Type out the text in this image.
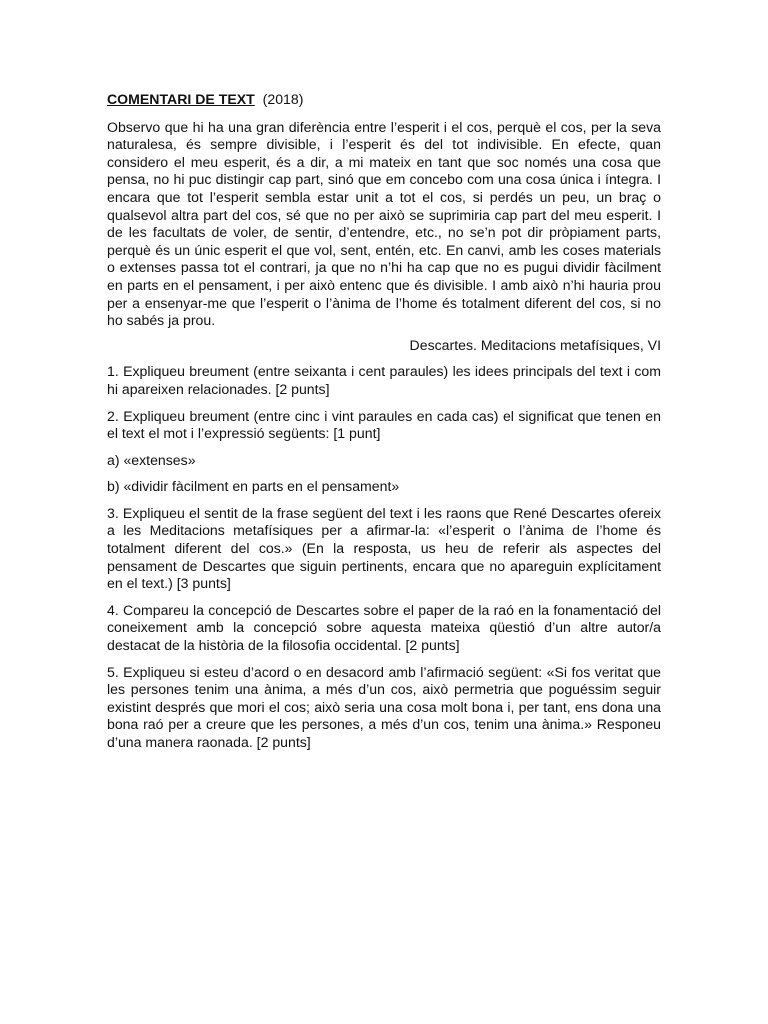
COMENTARI DE TEXT (2018)

Observo que hi ha una gran diferència entre l’esperit i el cos, perquè el cos, per la seva naturalesa, és sempre divisible, i l’esperit és del tot indivisible. En efecte, quan considero el meu esperit, és a dir, a mi mateix en tant que soc només una cosa que pensa, no hi puc distingir cap part, sinó que em concebo com una cosa única i íntegra. I encara que tot l’esperit sembla estar unit a tot el cos, si perdés un peu, un braç o qualsevol altra part del cos, sé que no per això se suprimiria cap part del meu esperit. I de les facultats de voler, de sentir, d’entendre, etc., no se’n pot dir pròpiament parts, perquè és un únic esperit el que vol, sent, entén, etc. En canvi, amb les coses materials o extenses passa tot el contrari, ja que no n’hi ha cap que no es pugui dividir fàcilment en parts en el pensament, i per això entenc que és divisible. I amb això n’hi hauria prou per a ensenyar-me que l’esperit o l’ànima de l’home és totalment diferent del cos, si no ho sabés ja prou.

Descartes. Meditacions metafísiques, VI

1. Expliqueu breument (entre seixanta i cent paraules) les idees principals del text i com hi apareixen relacionades. [2 punts]

2. Expliqueu breument (entre cinc i vint paraules en cada cas) el significat que tenen en el text el mot i l’expressió següents: [1 punt]

a) «extenses»

b) «dividir fàcilment en parts en el pensament»

3. Expliqueu el sentit de la frase següent del text i les raons que René Descartes ofereix a les Meditacions metafísiques per a afirmar-la: «l’esperit o l’ànima de l’home és totalment diferent del cos.» (En la resposta, us heu de referir als aspectes del pensament de Descartes que siguin pertinents, encara que no apareguin explícitament en el text.) [3 punts]

4. Compareu la concepció de Descartes sobre el paper de la raó en la fonamentació del coneixement amb la concepció sobre aquesta mateixa qüestió d’un altre autor/a destacat de la història de la filosofia occidental. [2 punts]

5. Expliqueu si esteu d’acord o en desacord amb l’afirmació següent: «Si fos veritat que les persones tenim una ànima, a més d’un cos, això permetria que poguéssim seguir existint després que mori el cos; això seria una cosa molt bona i, per tant, ens dona una bona raó per a creure que les persones, a més d’un cos, tenim una ànima.» Responeu d’una manera raonada. [2 punts]
